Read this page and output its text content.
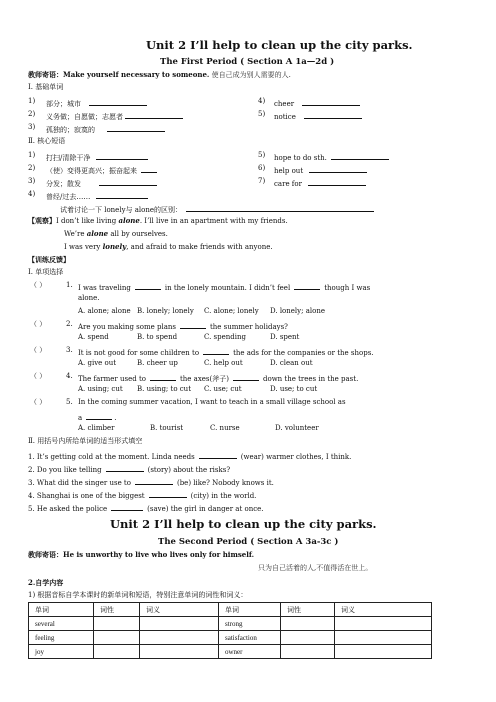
Unit 2 I’ll help to clean up the city parks.
The First Period ( Section A 1a—2d )
教师寄语：Make yourself necessary to someone. 使自己成为别人需要的人.
Ⅰ. 基础单词
1) 部分；城市
2) 义务做；自愿做；志愿者
3) 孤独的；寂寞的
4) cheer
5) notice
Ⅱ. 核心短语
1) 打扫/清除干净
2) （使）变得更高兴；振奋起来
3) 分发；散发
4) 曾经/过去……
5) hope to do sth.
6) help out
7) care for
试着讨论一下 lonely与 alone的区别：
【观察】I don’t like living alone. I’ll live in an apartment with my friends.
We’re alone all by ourselves.
I was very lonely, and afraid to make friends with anyone.
【训练反馈】
Ⅰ. 单项选择
（ ）	1. I was traveling	in the lonely mountain. I didn’t feel	though I was
alone.
A. alone; alone B. lonely; lonely C. alone; lonely D. lonely; alone
（ ）	2. Are you making some plans	the summer holidays?
A. spend	B. to spend	C. spending	D. spent
（ ）	3. It is not good for some children to	the ads for the companies or the shops.
A. give out	B. cheer up	C. help out	D. clean out
（ ）	4. The farmer used to	the axes(斧子)	down the trees in the past.
A. using; cut B. using; to cut C. use; cut	D. use; to cut
（ ）	5. In the coming summer vacation, I want to teach in a small village school as
a	.
A. climber	B. tourist	C. nurse	D. volunteer
Ⅱ. 用括号内所给单词的适当形式填空
1. It’s getting cold at the moment. Linda needs	(wear) warmer clothes, I think.
2. Do you like telling	(story) about the risks?
3. What did the singer use to	(be) like? Nobody knows it.
4. Shanghai is one of the biggest	(city) in the world.
5. He asked the police	(save) the girl in danger at once.
Unit 2 I’ll help to clean up the city parks.
The Second Period ( Section A 3a-3c )
教师寄语：He is unworthy to live who lives only for himself.
只为自己活着的人,不值得活在世上。
2.自学内容
1) 根据音标自学本课时的新单词和短语，特别注意单词的词性和词义：
单词	词性	词义	单词	词性	词义
several			strong		
feeling			satisfaction		
joy			owner		
